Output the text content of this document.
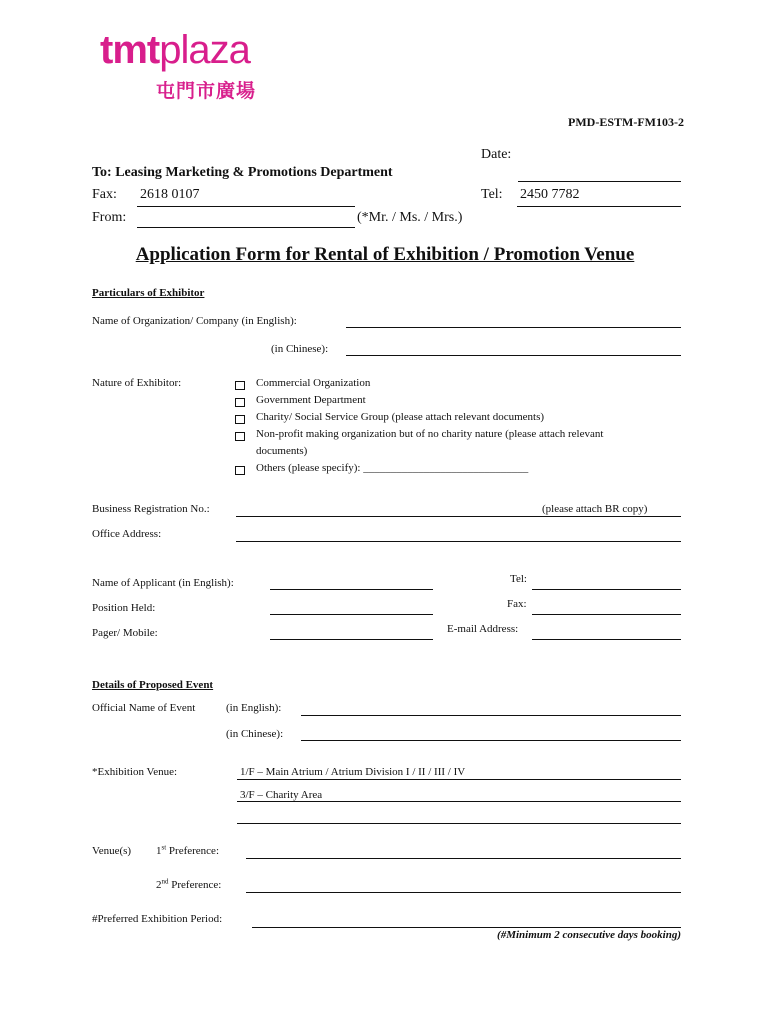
tmtplaza
屯門市廣場
PMD-ESTM-FM103-2
Date:
To: Leasing Marketing & Promotions Department
Fax: 2618 0107	Tel: 2450 7782
From:	(*Mr. / Ms. / Mrs.)
Application Form for Rental of Exhibition / Promotion Venue
Particulars of Exhibitor
Name of Organization/ Company (in English):
(in Chinese):
Nature of Exhibitor:	Commercial Organization
Government Department
Charity/ Social Service Group (please attach relevant documents)
Non-profit making organization but of no charity nature (please attach relevant
documents)
Others (please specify): ______________________________
Business Registration No.:	(please attach BR copy)
Office Address:
Name of Applicant (in English):	Tel:
Position Held:	Fax:
Pager/ Mobile:	E-mail Address:
Details of Proposed Event
Official Name of Event	(in English):
(in Chinese):
*Exhibition Venue:	1/F – Main Atrium / Atrium Division I / II / III / IV
3/F – Charity Area
Venue(s) 1st Preference:
2nd Preference:
#Preferred Exhibition Period:
(#Minimum 2 consecutive days booking)
